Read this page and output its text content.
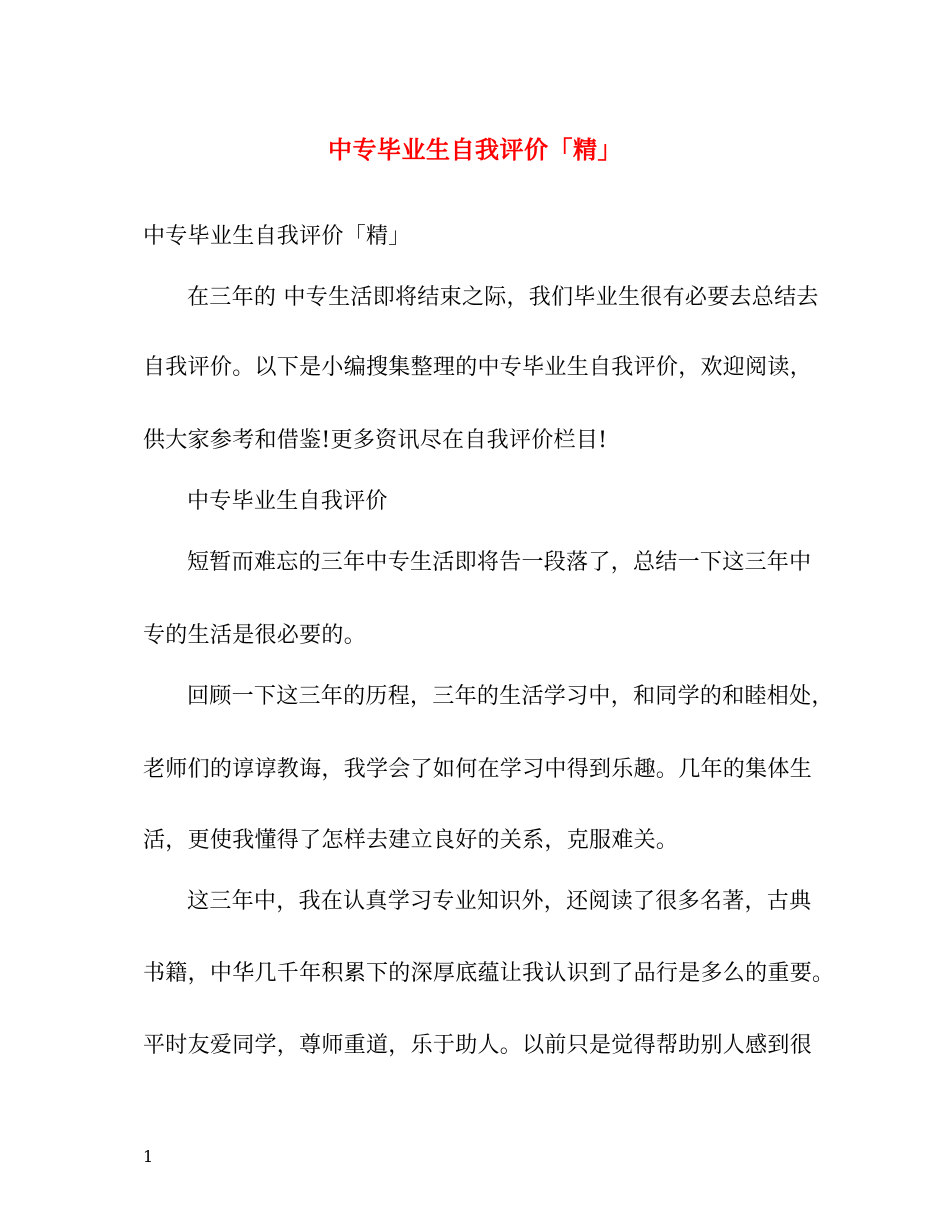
中专毕业生自我评价「精」
中专毕业生自我评价「精」
在三年的 中专生活即将结束之际，我们毕业生很有必要去总结去
自我评价。以下是小编搜集整理的中专毕业生自我评价，欢迎阅读，
供大家参考和借鉴!更多资讯尽在自我评价栏目!
中专毕业生自我评价
短暂而难忘的三年中专生活即将告一段落了，总结一下这三年中
专的生活是很必要的。
回顾一下这三年的历程，三年的生活学习中，和同学的和睦相处，
老师们的谆谆教诲，我学会了如何在学习中得到乐趣。几年的集体生
活，更使我懂得了怎样去建立良好的关系，克服难关。
这三年中，我在认真学习专业知识外，还阅读了很多名著，古典
书籍，中华几千年积累下的深厚底蕴让我认识到了品行是多么的重要。
平时友爱同学，尊师重道，乐于助人。以前只是觉得帮助别人感到很
1
